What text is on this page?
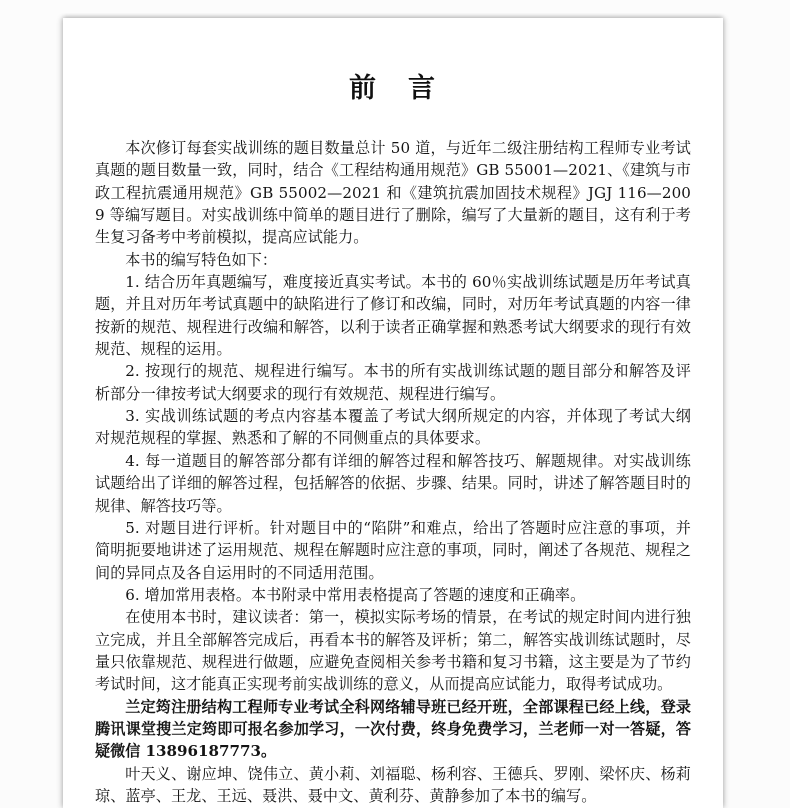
前 言

本次修订每套实战训练的题目数量总计 50 道，与近年二级注册结构工程师专业考试真题的题目数量一致，同时，结合《工程结构通用规范》GB 55001—2021、《建筑与市政工程抗震通用规范》GB 55002—2021 和《建筑抗震加固技术规程》JGJ 116—2009 等编写题目。对实战训练中简单的题目进行了删除，编写了大量新的题目，这有利于考生复习备考中考前模拟，提高应试能力。

本书的编写特色如下：

1. 结合历年真题编写，难度接近真实考试。本书的 60％实战训练试题是历年考试真题，并且对历年考试真题中的缺陷进行了修订和改编，同时，对历年考试真题的内容一律按新的规范、规程进行改编和解答，以利于读者正确掌握和熟悉考试大纲要求的现行有效规范、规程的运用。

2. 按现行的规范、规程进行编写。本书的所有实战训练试题的题目部分和解答及评析部分一律按考试大纲要求的现行有效规范、规程进行编写。

3. 实战训练试题的考点内容基本覆盖了考试大纲所规定的内容，并体现了考试大纲对规范规程的掌握、熟悉和了解的不同侧重点的具体要求。

4. 每一道题目的解答部分都有详细的解答过程和解答技巧、解题规律。对实战训练试题给出了详细的解答过程，包括解答的依据、步骤、结果。同时，讲述了解答题目时的规律、解答技巧等。

5. 对题目进行评析。针对题目中的“陷阱”和难点，给出了答题时应注意的事项，并简明扼要地讲述了运用规范、规程在解题时应注意的事项，同时，阐述了各规范、规程之间的异同点及各自运用时的不同适用范围。

6. 增加常用表格。本书附录中常用表格提高了答题的速度和正确率。

在使用本书时，建议读者：第一，模拟实际考场的情景，在考试的规定时间内进行独立完成，并且全部解答完成后，再看本书的解答及评析；第二，解答实战训练试题时，尽量只依靠规范、规程进行做题，应避免查阅相关参考书籍和复习书籍，这主要是为了节约考试时间，这才能真正实现考前实战训练的意义，从而提高应试能力，取得考试成功。

兰定筠注册结构工程师专业考试全科网络辅导班已经开班，全部课程已经上线，登录腾讯课堂搜兰定筠即可报名参加学习，一次付费，终身免费学习，兰老师一对一答疑，答疑微信 13896187773。

叶天义、谢应坤、饶伟立、黄小莉、刘福聪、杨利容、王德兵、罗刚、梁怀庆、杨莉琼、蓝亭、王龙、王远、聂洪、聂中文、黄利芬、黄静参加了本书的编写。
